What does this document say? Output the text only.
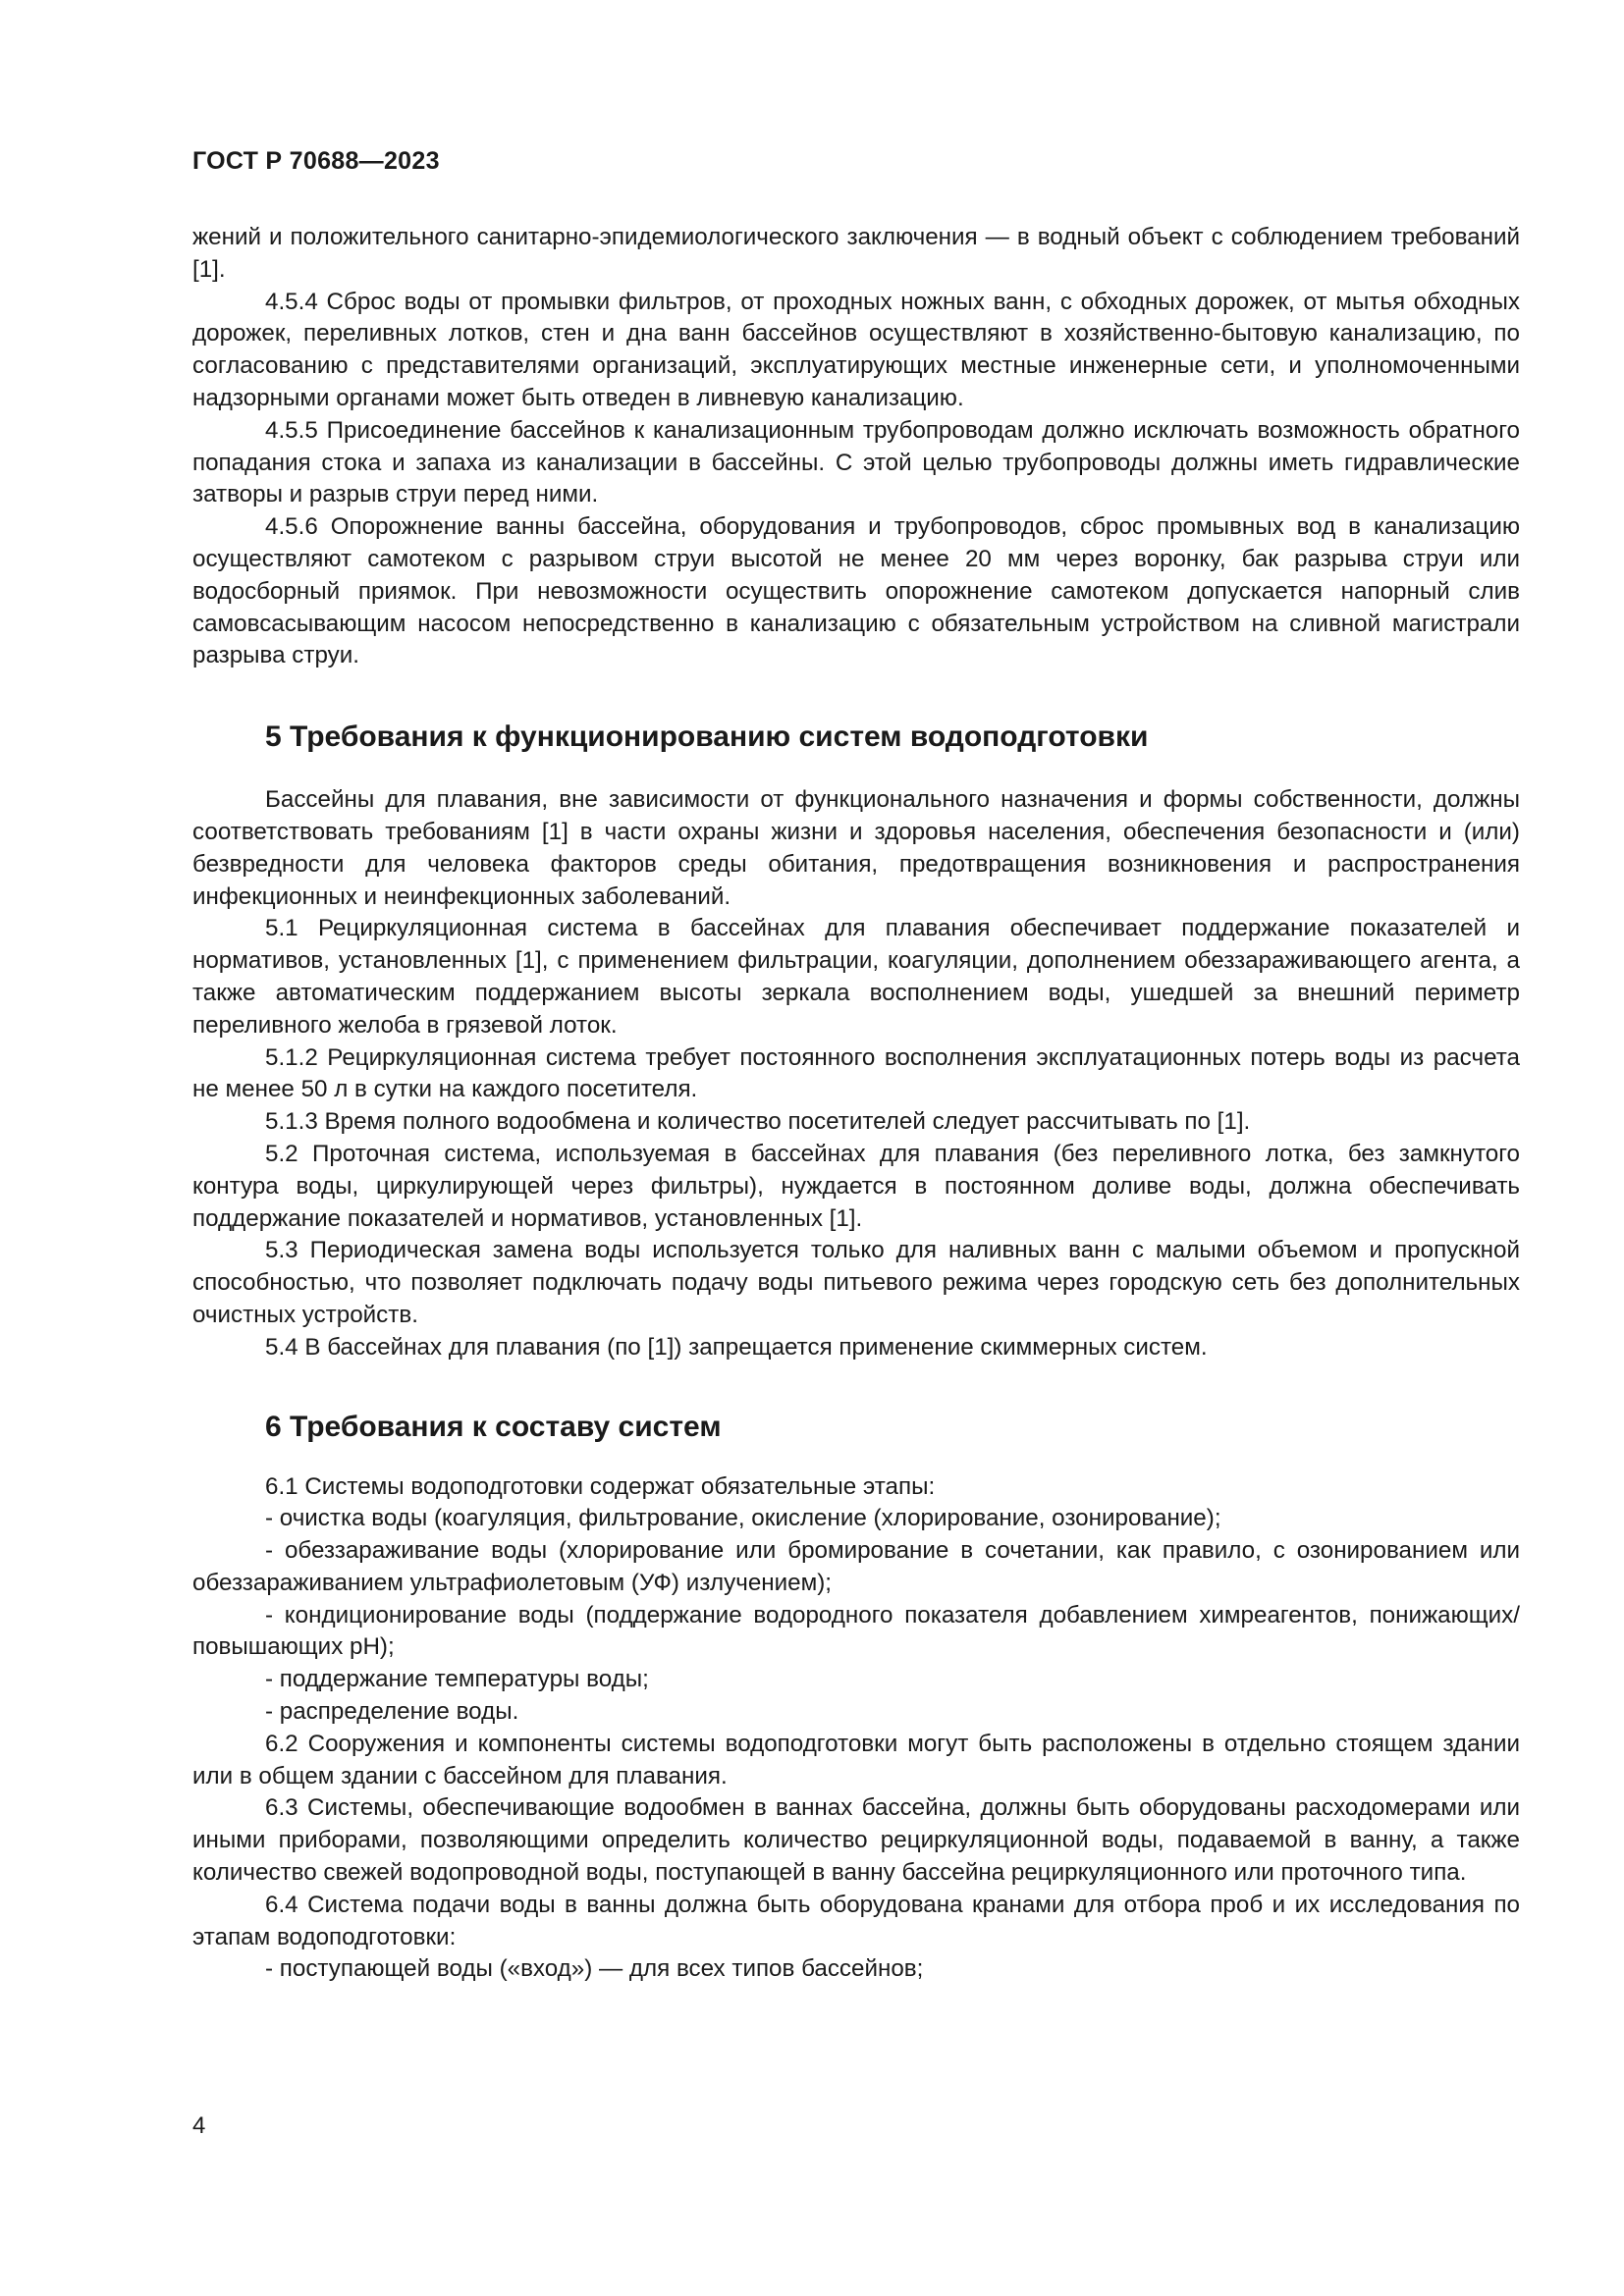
ГОСТ Р 70688—2023

жений и положительного санитарно-эпидемиологического заключения — в водный объект с соблюдением требований [1].

4.5.4 Сброс воды от промывки фильтров, от проходных ножных ванн, с обходных дорожек, от мытья обходных дорожек, переливных лотков, стен и дна ванн бассейнов осуществляют в хозяйственно-бытовую канализацию, по согласованию с представителями организаций, эксплуатирующих местные инженерные сети, и уполномоченными надзорными органами может быть отведен в ливневую канализацию.

4.5.5 Присоединение бассейнов к канализационным трубопроводам должно исключать возможность обратного попадания стока и запаха из канализации в бассейны. С этой целью трубопроводы должны иметь гидравлические затворы и разрыв струи перед ними.

4.5.6 Опорожнение ванны бассейна, оборудования и трубопроводов, сброс промывных вод в канализацию осуществляют самотеком с разрывом струи высотой не менее 20 мм через воронку, бак разрыва струи или водосборный приямок. При невозможности осуществить опорожнение самотеком допускается напорный слив самовсасывающим насосом непосредственно в канализацию с обязательным устройством на сливной магистрали разрыва струи.

5 Требования к функционированию систем водоподготовки

Бассейны для плавания, вне зависимости от функционального назначения и формы собственности, должны соответствовать требованиям [1] в части охраны жизни и здоровья населения, обеспечения безопасности и (или) безвредности для человека факторов среды обитания, предотвращения возникновения и распространения инфекционных и неинфекционных заболеваний.

5.1 Рециркуляционная система в бассейнах для плавания обеспечивает поддержание показателей и нормативов, установленных [1], с применением фильтрации, коагуляции, дополнением обеззараживающего агента, а также автоматическим поддержанием высоты зеркала восполнением воды, ушедшей за внешний периметр переливного желоба в грязевой лоток.

5.1.2 Рециркуляционная система требует постоянного восполнения эксплуатационных потерь воды из расчета не менее 50 л в сутки на каждого посетителя.

5.1.3 Время полного водообмена и количество посетителей следует рассчитывать по [1].

5.2 Проточная система, используемая в бассейнах для плавания (без переливного лотка, без замкнутого контура воды, циркулирующей через фильтры), нуждается в постоянном доливе воды, должна обеспечивать поддержание показателей и нормативов, установленных [1].

5.3 Периодическая замена воды используется только для наливных ванн с малыми объемом и пропускной способностью, что позволяет подключать подачу воды питьевого режима через городскую сеть без дополнительных очистных устройств.

5.4 В бассейнах для плавания (по [1]) запрещается применение скиммерных систем.

6 Требования к составу систем

6.1 Системы водоподготовки содержат обязательные этапы:

- очистка воды (коагуляция, фильтрование, окисление (хлорирование, озонирование);

- обеззараживание воды (хлорирование или бромирование в сочетании, как правило, с озонированием или обеззараживанием ультрафиолетовым (УФ) излучением);

- кондиционирование воды (поддержание водородного показателя добавлением химреагентов, понижающих/повышающих pH);

- поддержание температуры воды;

- распределение воды.

6.2 Сооружения и компоненты системы водоподготовки могут быть расположены в отдельно стоящем здании или в общем здании с бассейном для плавания.

6.3 Системы, обеспечивающие водообмен в ваннах бассейна, должны быть оборудованы расходомерами или иными приборами, позволяющими определить количество рециркуляционной воды, подаваемой в ванну, а также количество свежей водопроводной воды, поступающей в ванну бассейна рециркуляционного или проточного типа.

6.4 Система подачи воды в ванны должна быть оборудована кранами для отбора проб и их исследования по этапам водоподготовки:

- поступающей воды («вход») — для всех типов бассейнов;

4
